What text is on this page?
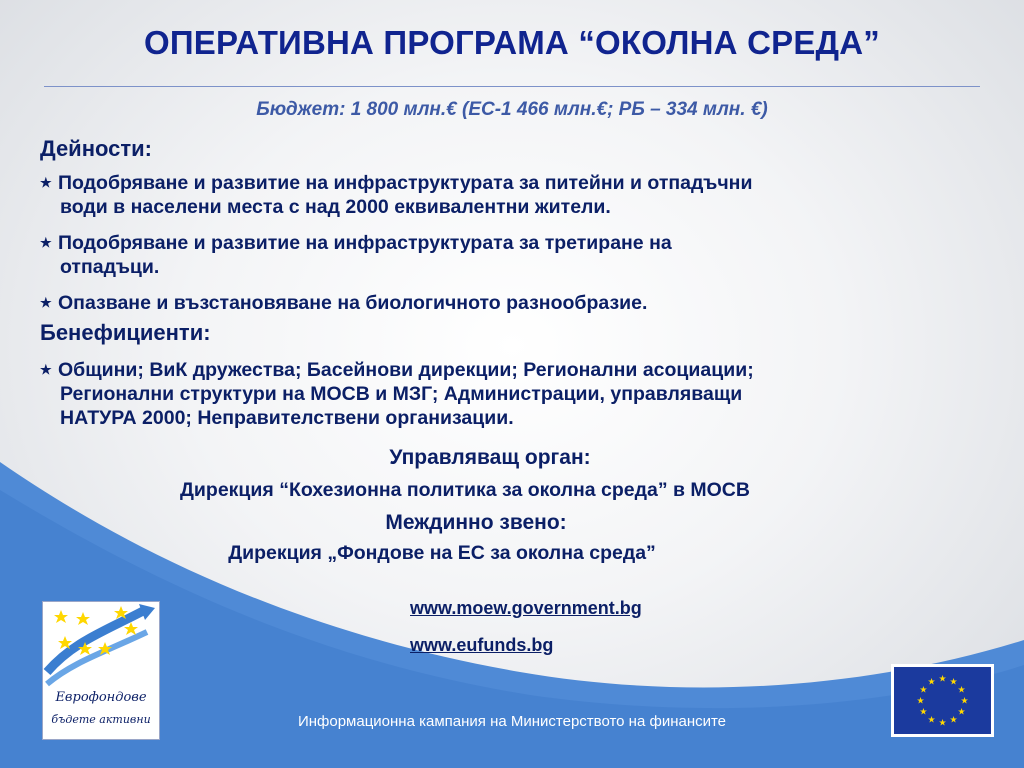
ОПЕРАТИВНА ПРОГРАМА “ОКОЛНА СРЕДА”
Бюджет: 1 800 млн.€ (ЕС-1 466 млн.€; РБ – 334 млн. €)
Дейности:
★ Подобряване и развитие на инфраструктурата за питейни и отпадъчни
води в населени места с над 2000 еквивалентни жители.
★ Подобряване и развитие на инфраструктурата за третиране на
отпадъци.
★ Опазване и възстановяване на биологичното разнообразие.
Бенефициенти:
★ Общини; ВиК дружества; Басейнови дирекции; Регионални асоциации;
Регионални структури на МОСВ и МЗГ; Администрации, управляващи
НАТУРА 2000; Неправителствени организации.
Управляващ орган:
Дирекция “Кохезионна политика за околна среда” в МОСВ
Междинно звено:
Дирекция „Фондове на ЕС за околна среда”
www.moew.government.bg
www.eufunds.bg
Информационна кампания на Министерството на финансите
Еврофондове
бъдете активни
★ ★
★
★
★
★
★
★
★
★
★
★
